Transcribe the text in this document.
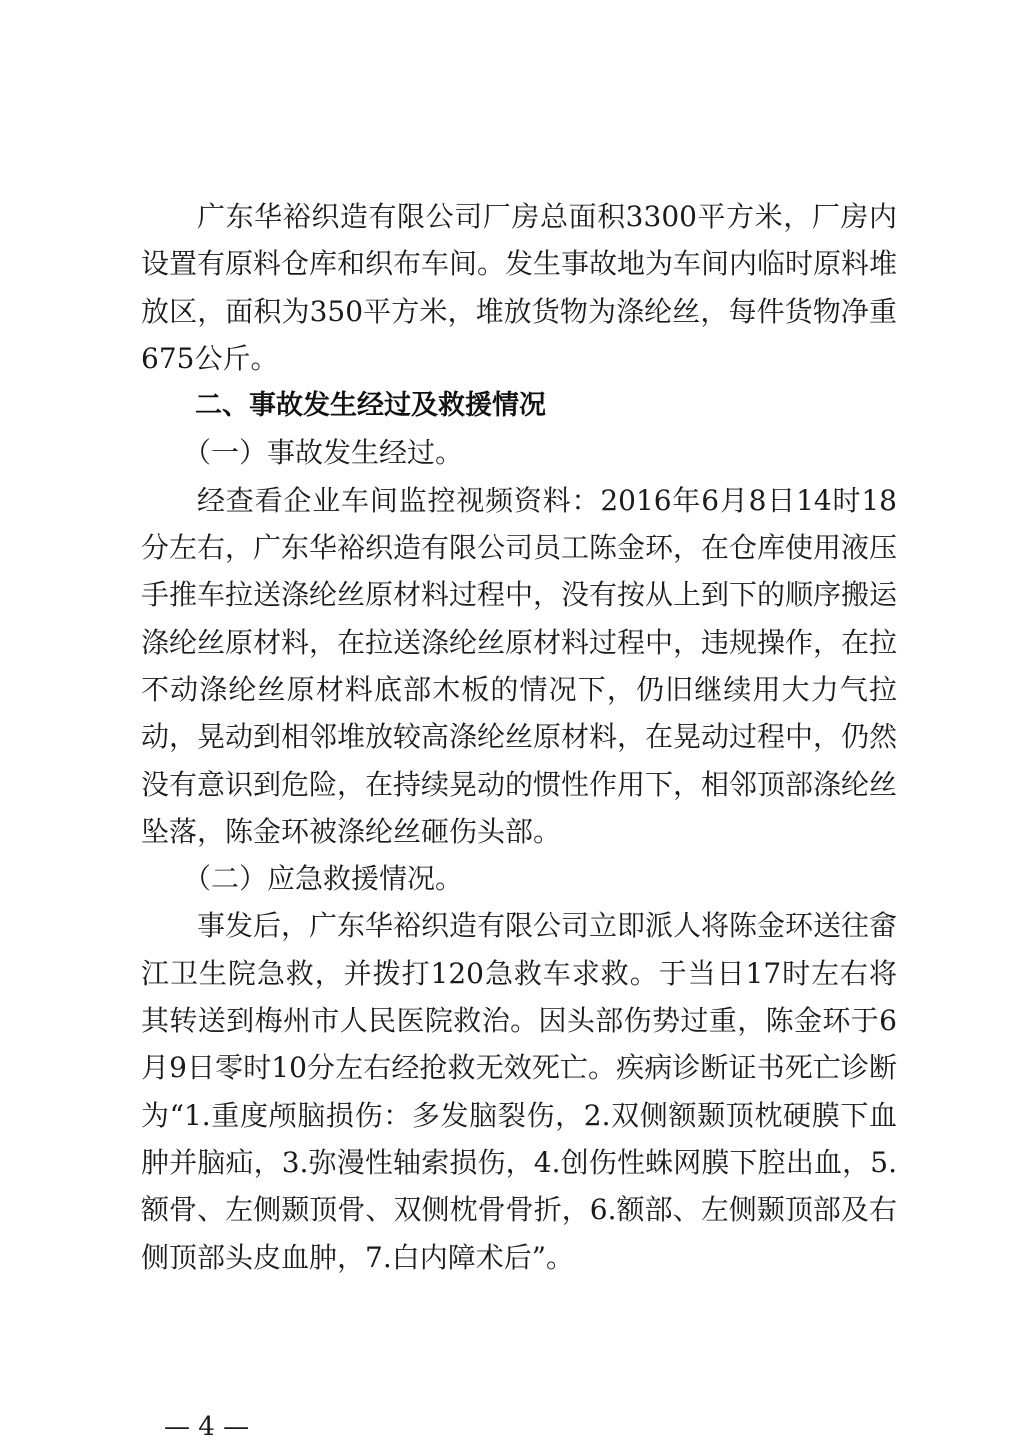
广东华裕织造有限公司厂房总面积3300平方米，厂房内设置有原料仓库和织布车间。发生事故地为车间内临时原料堆放区，面积为350平方米，堆放货物为涤纶丝，每件货物净重675公斤。

二、事故发生经过及救援情况

（一）事故发生经过。

经查看企业车间监控视频资料：2016年6月8日14时18分左右，广东华裕织造有限公司员工陈金环，在仓库使用液压手推车拉送涤纶丝原材料过程中，没有按从上到下的顺序搬运涤纶丝原材料，在拉送涤纶丝原材料过程中，违规操作，在拉不动涤纶丝原材料底部木板的情况下，仍旧继续用大力气拉动，晃动到相邻堆放较高涤纶丝原材料，在晃动过程中，仍然没有意识到危险，在持续晃动的惯性作用下，相邻顶部涤纶丝坠落，陈金环被涤纶丝砸伤头部。

（二）应急救援情况。

事发后，广东华裕织造有限公司立即派人将陈金环送往畲江卫生院急救，并拨打120急救车求救。于当日17时左右将其转送到梅州市人民医院救治。因头部伤势过重，陈金环于6月9日零时10分左右经抢救无效死亡。疾病诊断证书死亡诊断为“1.重度颅脑损伤：多发脑裂伤，2.双侧额颞顶枕硬膜下血肿并脑疝，3.弥漫性轴索损伤，4.创伤性蛛网膜下腔出血，5.额骨、左侧颞顶骨、双侧枕骨骨折，6.额部、左侧颞顶部及右侧顶部头皮血肿，7.白内障术后”。

— 4 —
